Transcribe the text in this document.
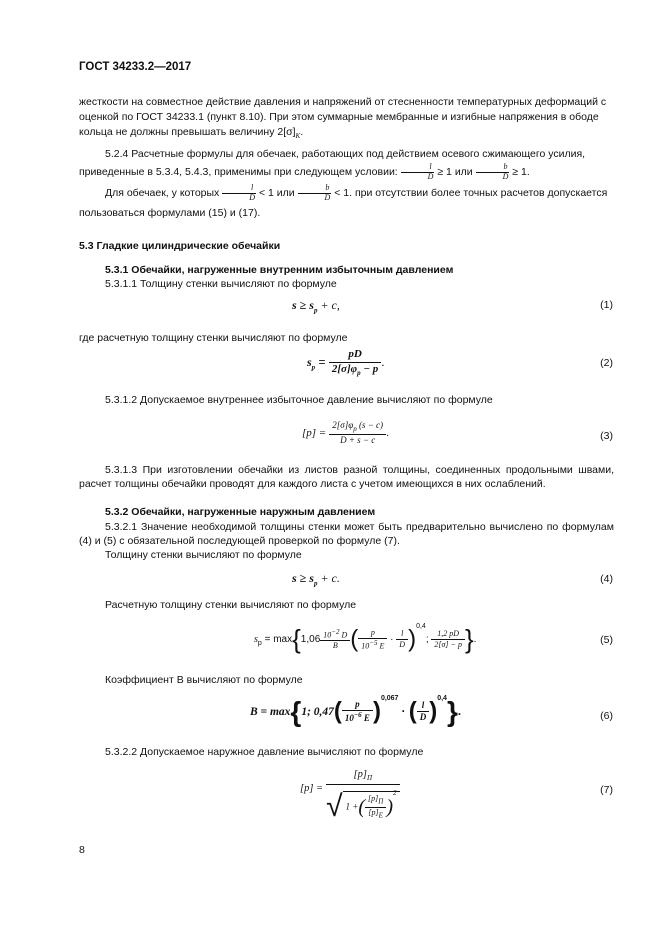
ГОСТ 34233.2—2017
жесткости на совместное действие давления и напряжений от стесненности температурных деформаций с оценкой по ГОСТ 34233.1 (пункт 8.10). При этом суммарные мембранные и изгибные напряжения в ободе кольца не должны превышать величину $2[\sigma]_K$.
5.2.4 Расчетные формулы для обечаек, работающих под действием осевого сжимающего усилия, приведенные в 5.3.4, 5.4.3, применимы при следующем условии: $\frac{l}{D} \ge 1$ или $\frac{b}{D} \ge 1$.
Для обечаек, у которых $\frac{l}{D} < 1$ или $\frac{b}{D} < 1$. при отсутствии более точных расчетов допускается пользоваться формулами (15) и (17).
5.3 Гладкие цилиндрические обечайки
5.3.1 Обечайки, нагруженные внутренним избыточным давлением
5.3.1.1 Толщину стенки вычисляют по формуле
$s \ge s_p + c$,	(1)
где расчетную толщину стенки вычисляют по формуле
$s_p = \frac{pD}{2[\sigma]\varphi_p - p}$ .	(2)
5.3.1.2 Допускаемое внутреннее избыточное давление вычисляют по формуле
$[p] = \frac{2[\sigma]\varphi_p (s - c)}{D + s - c}$ .	(3)
5.3.1.3 При изготовлении обечайки из листов разной толщины, соединенных продольными швами, расчет толщины обечайки проводят для каждого листа с учетом имеющихся в них ослаблений.
5.3.2 Обечайки, нагруженные наружным давлением
5.3.2.1 Значение необходимой толщины стенки может быть предварительно вычислено по формулам (4) и (5) с обязательной последующей проверкой по формуле (7).
Толщину стенки вычисляют по формуле
$s \ge s_p + c$.	(4)
Расчетную толщину стенки вычисляют по формуле
$s_p = \max\{1,06 \frac{10^{-2} D}{B}$ ( $\frac{p}{10^{-5} E} \cdot \frac{l}{D} )^{0,4}$; $\frac{1,2 pD}{2[\sigma] - p}$ }.	(5)
Коэффициент B вычисляют по формуле
B = max{1; $0,47( \frac{p}{10^{-6} E} )^{0,067}$ · ( $\frac{l}{D} )^{0,4}$}.	(6)
5.3.2.2 Допускаемое наружное давление вычисляют по формуле
[p] =
$[p]_П$
√ 1 +( $[p]_П$
$[p]_E$ )$^2$	(7)
8
